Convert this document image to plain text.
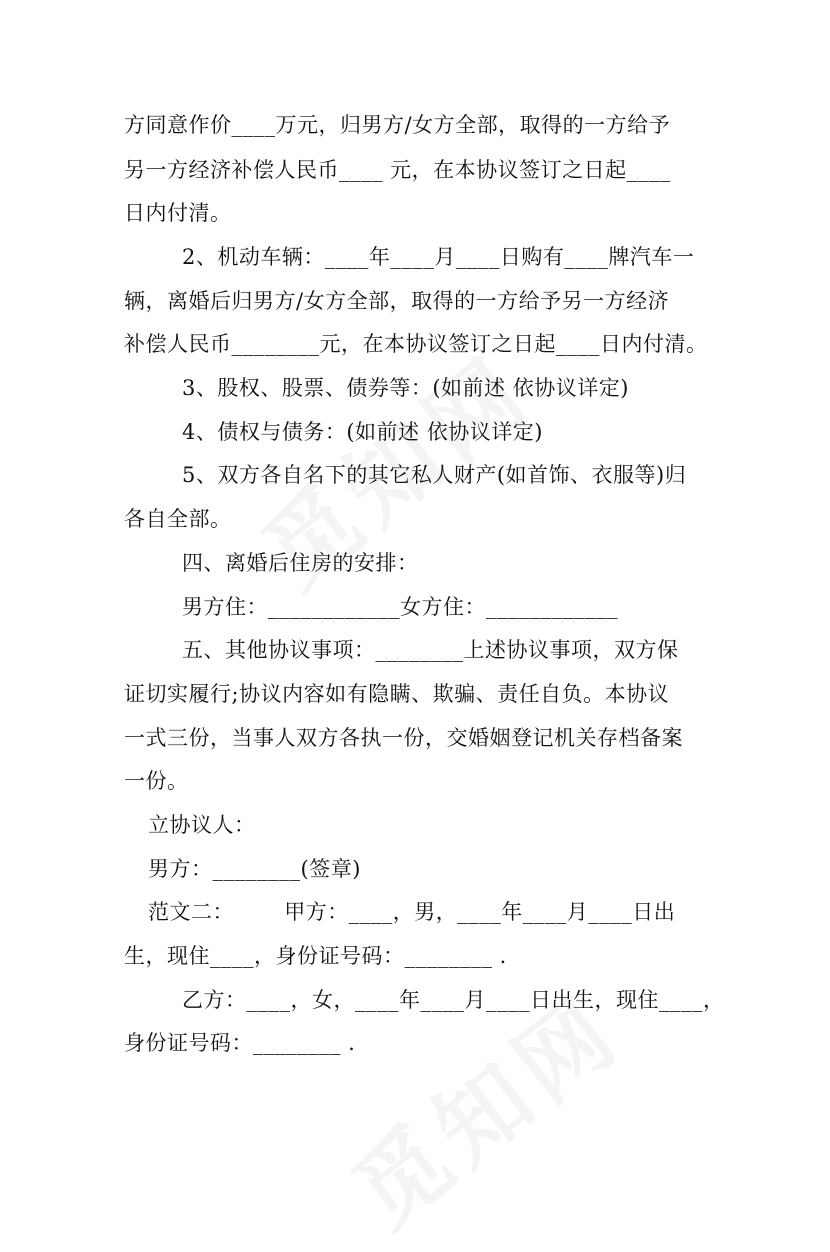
方同意作价____万元，归男方/女方全部，取得的一方给予
另一方经济补偿人民币____ 元，在本协议签订之日起____
日内付清。
2、机动车辆：____年____月____日购有____牌汽车一
辆，离婚后归男方/女方全部，取得的一方给予另一方经济
补偿人民币________元，在本协议签订之日起____日内付清。
3、股权、股票、债券等：(如前述 依协议详定)
4、债权与债务：(如前述 依协议详定)
5、双方各自名下的其它私人财产(如首饰、衣服等)归
各自全部。
四、离婚后住房的安排：
男方住：____________女方住：____________
五、其他协议事项：________上述协议事项，双方保
证切实履行;协议内容如有隐瞒、欺骗、责任自负。本协议
一式三份，当事人双方各执一份，交婚姻登记机关存档备案
一份。
立协议人：
男方：________(签章)
范文二：       甲方：____，男，____年____月____日出
生，现住____，身份证号码：________ .
乙方：____，女，____年____月____日出生，现住____，
身份证号码：________ .
